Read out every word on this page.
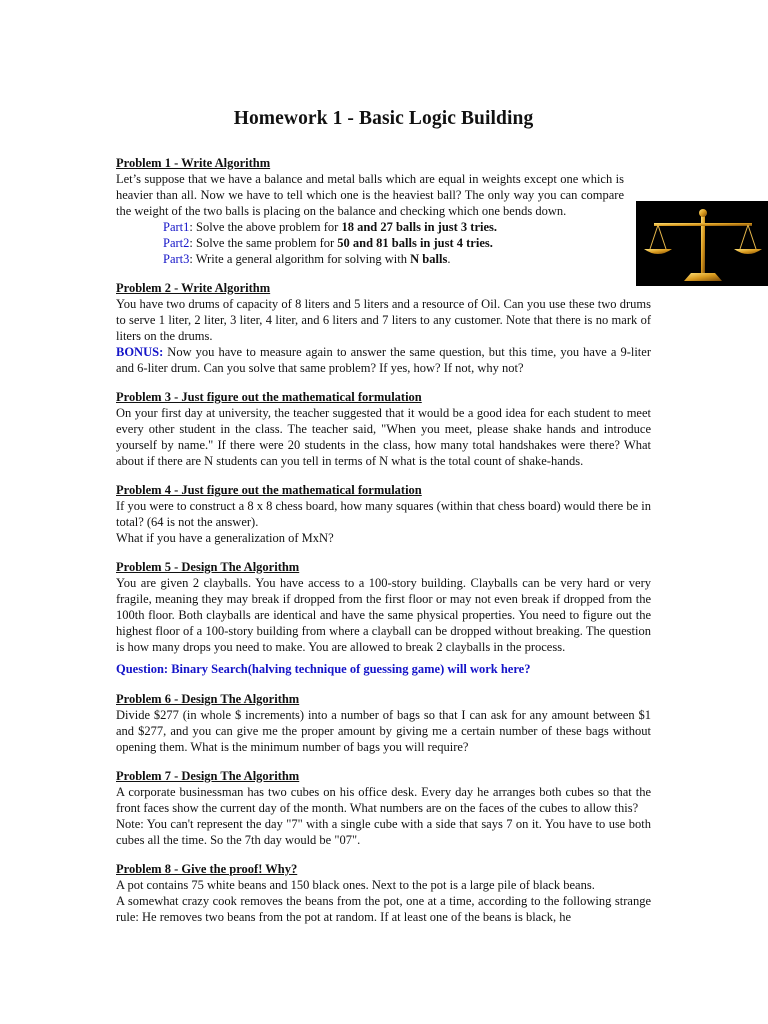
Homework 1 - Basic Logic Building
Problem 1 - Write Algorithm

Let’s suppose that we have a balance and metal balls which are equal in weights except one which is heavier than all. Now we have to tell which one is the heaviest ball? The only way you can compare the weight of the two balls is placing on the balance and checking which one bends down.

Part1: Solve the above problem for 18 and 27 balls in just 3 tries.
Part2: Solve the same problem for 50 and 81 balls in just 4 tries.
Part3: Write a general algorithm for solving with N balls.
Problem 2 - Write Algorithm

You have two drums of capacity of 8 liters and 5 liters and a resource of Oil. Can you use these two drums to serve 1 liter, 2 liter, 3 liter, 4 liter, and 6 liters and 7 liters to any customer. Note that there is no mark of liters on the drums.

BONUS: Now you have to measure again to answer the same question, but this time, you have a 9-liter and 6-liter drum. Can you solve that same problem? If yes, how? If not, why not?

Problem 3 - Just figure out the mathematical formulation

On your first day at university, the teacher suggested that it would be a good idea for each student to meet every other student in the class. The teacher said, "When you meet, please shake hands and introduce yourself by name." If there were 20 students in the class, how many total handshakes were there? What about if there are N students can you tell in terms of N what is the total count of shake-hands.

Problem 4 - Just figure out the mathematical formulation

If you were to construct a 8 x 8 chess board, how many squares (within that chess board) would there be in total? (64 is not the answer).

What if you have a generalization of MxN?

Problem 5 - Design The Algorithm

You are given 2 clayballs. You have access to a 100-story building. Clayballs can be very hard or very fragile, meaning they may break if dropped from the first floor or may not even break if dropped from the 100th floor. Both clayballs are identical and have the same physical properties. You need to figure out the highest floor of a 100-story building from where a clayball can be dropped without breaking. The question is how many drops you need to make. You are allowed to break 2 clayballs in the process.

Question: Binary Search(halving technique of guessing game) will work here?
Problem 6 - Design The Algorithm

Divide $277 (in whole $ increments) into a number of bags so that I can ask for any amount between $1 and $277, and you can give me the proper amount by giving me a certain number of these bags without opening them. What is the minimum number of bags you will require?

Problem 7 - Design The Algorithm

A corporate businessman has two cubes on his office desk. Every day he arranges both cubes so that the front faces show the current day of the month. What numbers are on the faces of the cubes to allow this?

Note: You can't represent the day "7" with a single cube with a side that says 7 on it. You have to use both cubes all the time. So the 7th day would be "07".

Problem 8 - Give the proof! Why?

A pot contains 75 white beans and 150 black ones. Next to the pot is a large pile of black beans.

A somewhat crazy cook removes the beans from the pot, one at a time, according to the following strange rule: He removes two beans from the pot at random. If at least one of the beans is black, he
